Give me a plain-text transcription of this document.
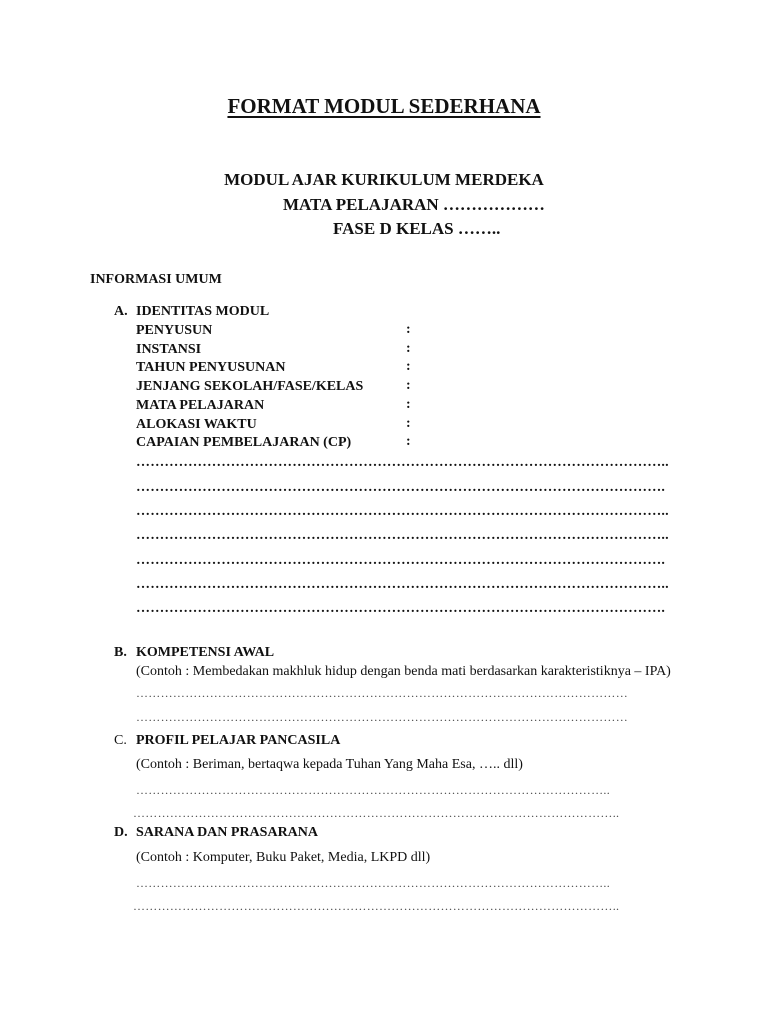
FORMAT MODUL SEDERHANA
MODUL AJAR KURIKULUM MERDEKA
MATA PELAJARAN ………………
FASE D KELAS ……..
INFORMASI UMUM
A. IDENTITAS MODUL
PENYUSUN	:
INSTANSI	:
TAHUN PENYUSUNAN	:
JENJANG SEKOLAH/FASE/KELAS	:
MATA PELAJARAN	:
ALOKASI WAKTU	:
CAPAIAN PEMBELAJARAN (CP)	:
…………………………………………………………………………………………………..
………………………………………………………………………………………………….
…………………………………………………………………………………………………..
…………………………………………………………………………………………………..
………………………………………………………………………………………………….
…………………………………………………………………………………………………..
………………………………………………………………………………………………….
B. KOMPETENSI AWAL
(Contoh : Membedakan makhluk hidup dengan benda mati berdasarkan karakteristiknya – IPA)
…………………………………………………………………………………………………………
…………………………………………………………………………………………………………
C. PROFIL PELAJAR PANCASILA
(Contoh : Beriman, bertaqwa kepada Tuhan Yang Maha Esa, ….. dll)
……………………………………………………………………………………………………..
………………………………………………………………………………………………………..
D. SARANA DAN PRASARANA
(Contoh : Komputer, Buku Paket, Media, LKPD dll)
……………………………………………………………………………………………………..
………………………………………………………………………………………………………..
